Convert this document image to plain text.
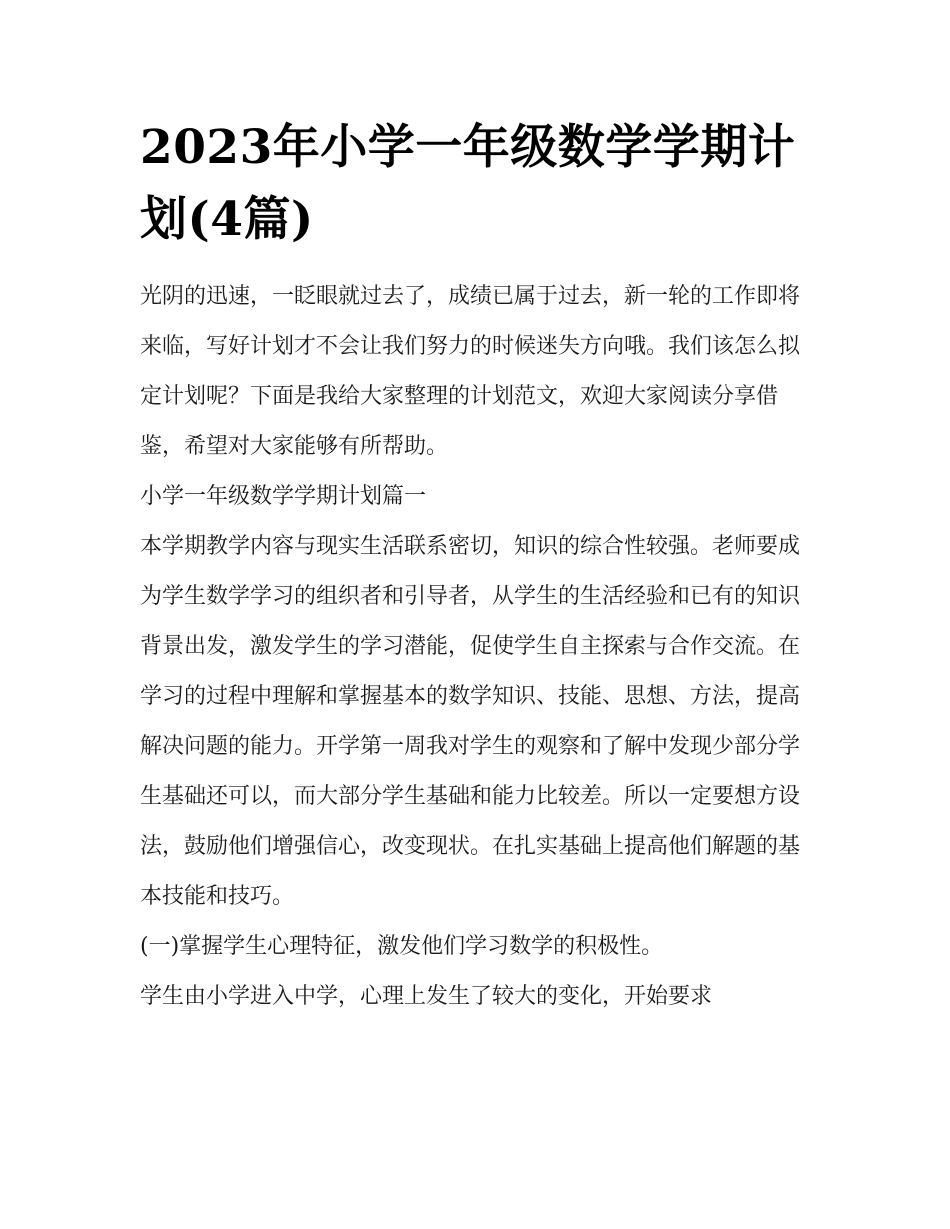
2023年小学一年级数学学期计划(4篇)

光阴的迅速，一眨眼就过去了，成绩已属于过去，新一轮的工作即将来临，写好计划才不会让我们努力的时候迷失方向哦。我们该怎么拟定计划呢？下面是我给大家整理的计划范文，欢迎大家阅读分享借鉴，希望对大家能够有所帮助。

小学一年级数学学期计划篇一

本学期教学内容与现实生活联系密切，知识的综合性较强。老师要成为学生数学学习的组织者和引导者，从学生的生活经验和已有的知识背景出发，激发学生的学习潜能，促使学生自主探索与合作交流。在学习的过程中理解和掌握基本的数学知识、技能、思想、方法，提高解决问题的能力。开学第一周我对学生的观察和了解中发现少部分学生基础还可以，而大部分学生基础和能力比较差。所以一定要想方设法，鼓励他们增强信心，改变现状。在扎实基础上提高他们解题的基本技能和技巧。

(一)掌握学生心理特征，激发他们学习数学的积极性。

学生由小学进入中学，心理上发生了较大的变化，开始要求
